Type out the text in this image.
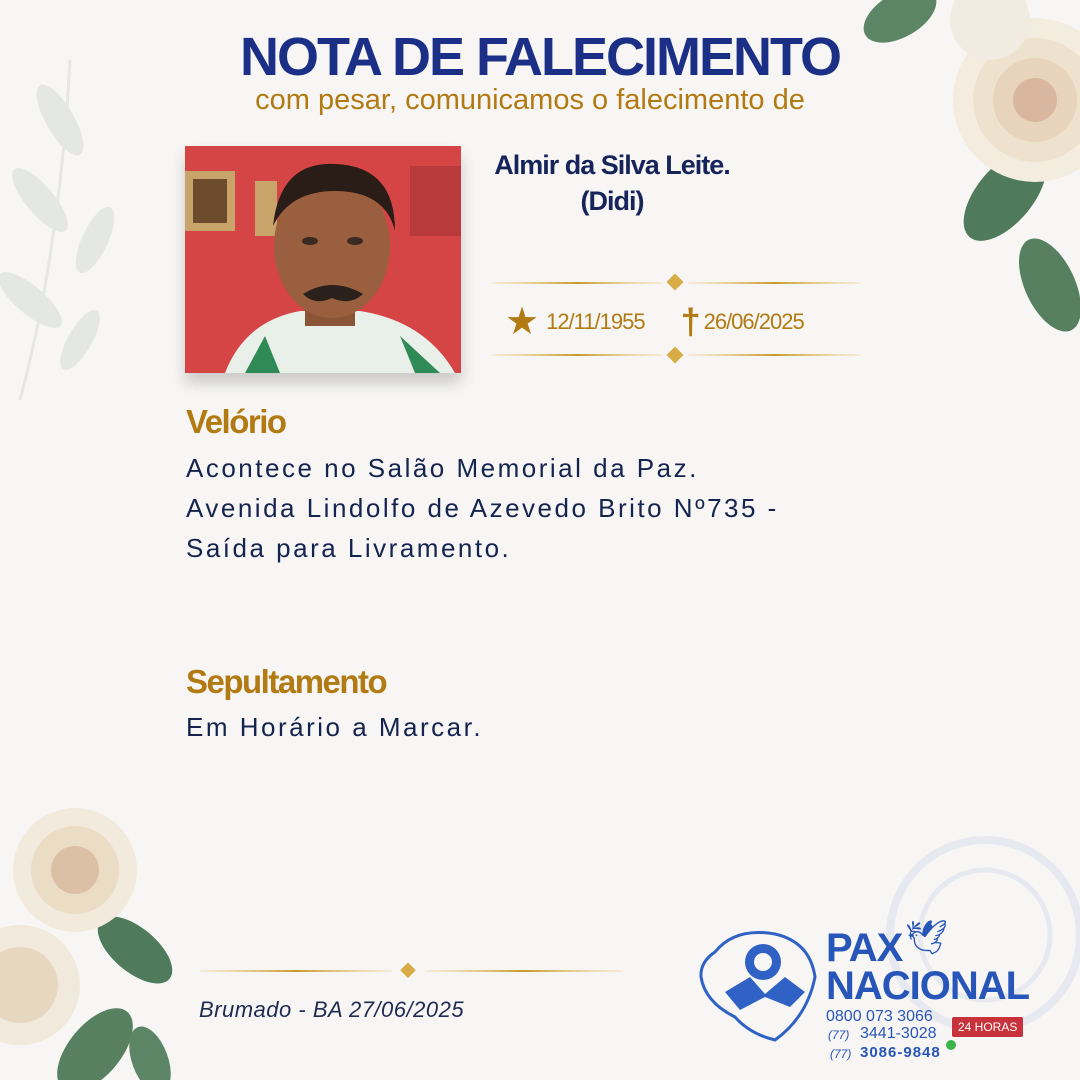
NOTA DE FALECIMENTO
com pesar, comunicamos o falecimento de
Almir da Silva Leite.
(Didi)
★ 12/11/1955 † 26/06/2025
Velório
Acontece no Salão Memorial da Paz.
Avenida Lindolfo de Azevedo Brito Nº735 -
Saída para Livramento.
Sepultamento
Em Horário a Marcar.
Brumado - BA 27/06/2025
PAX 🕊
NACIONAL
0800 073 3066
(77) 3441-3028	24 HORAS
(77) 3086-9848
